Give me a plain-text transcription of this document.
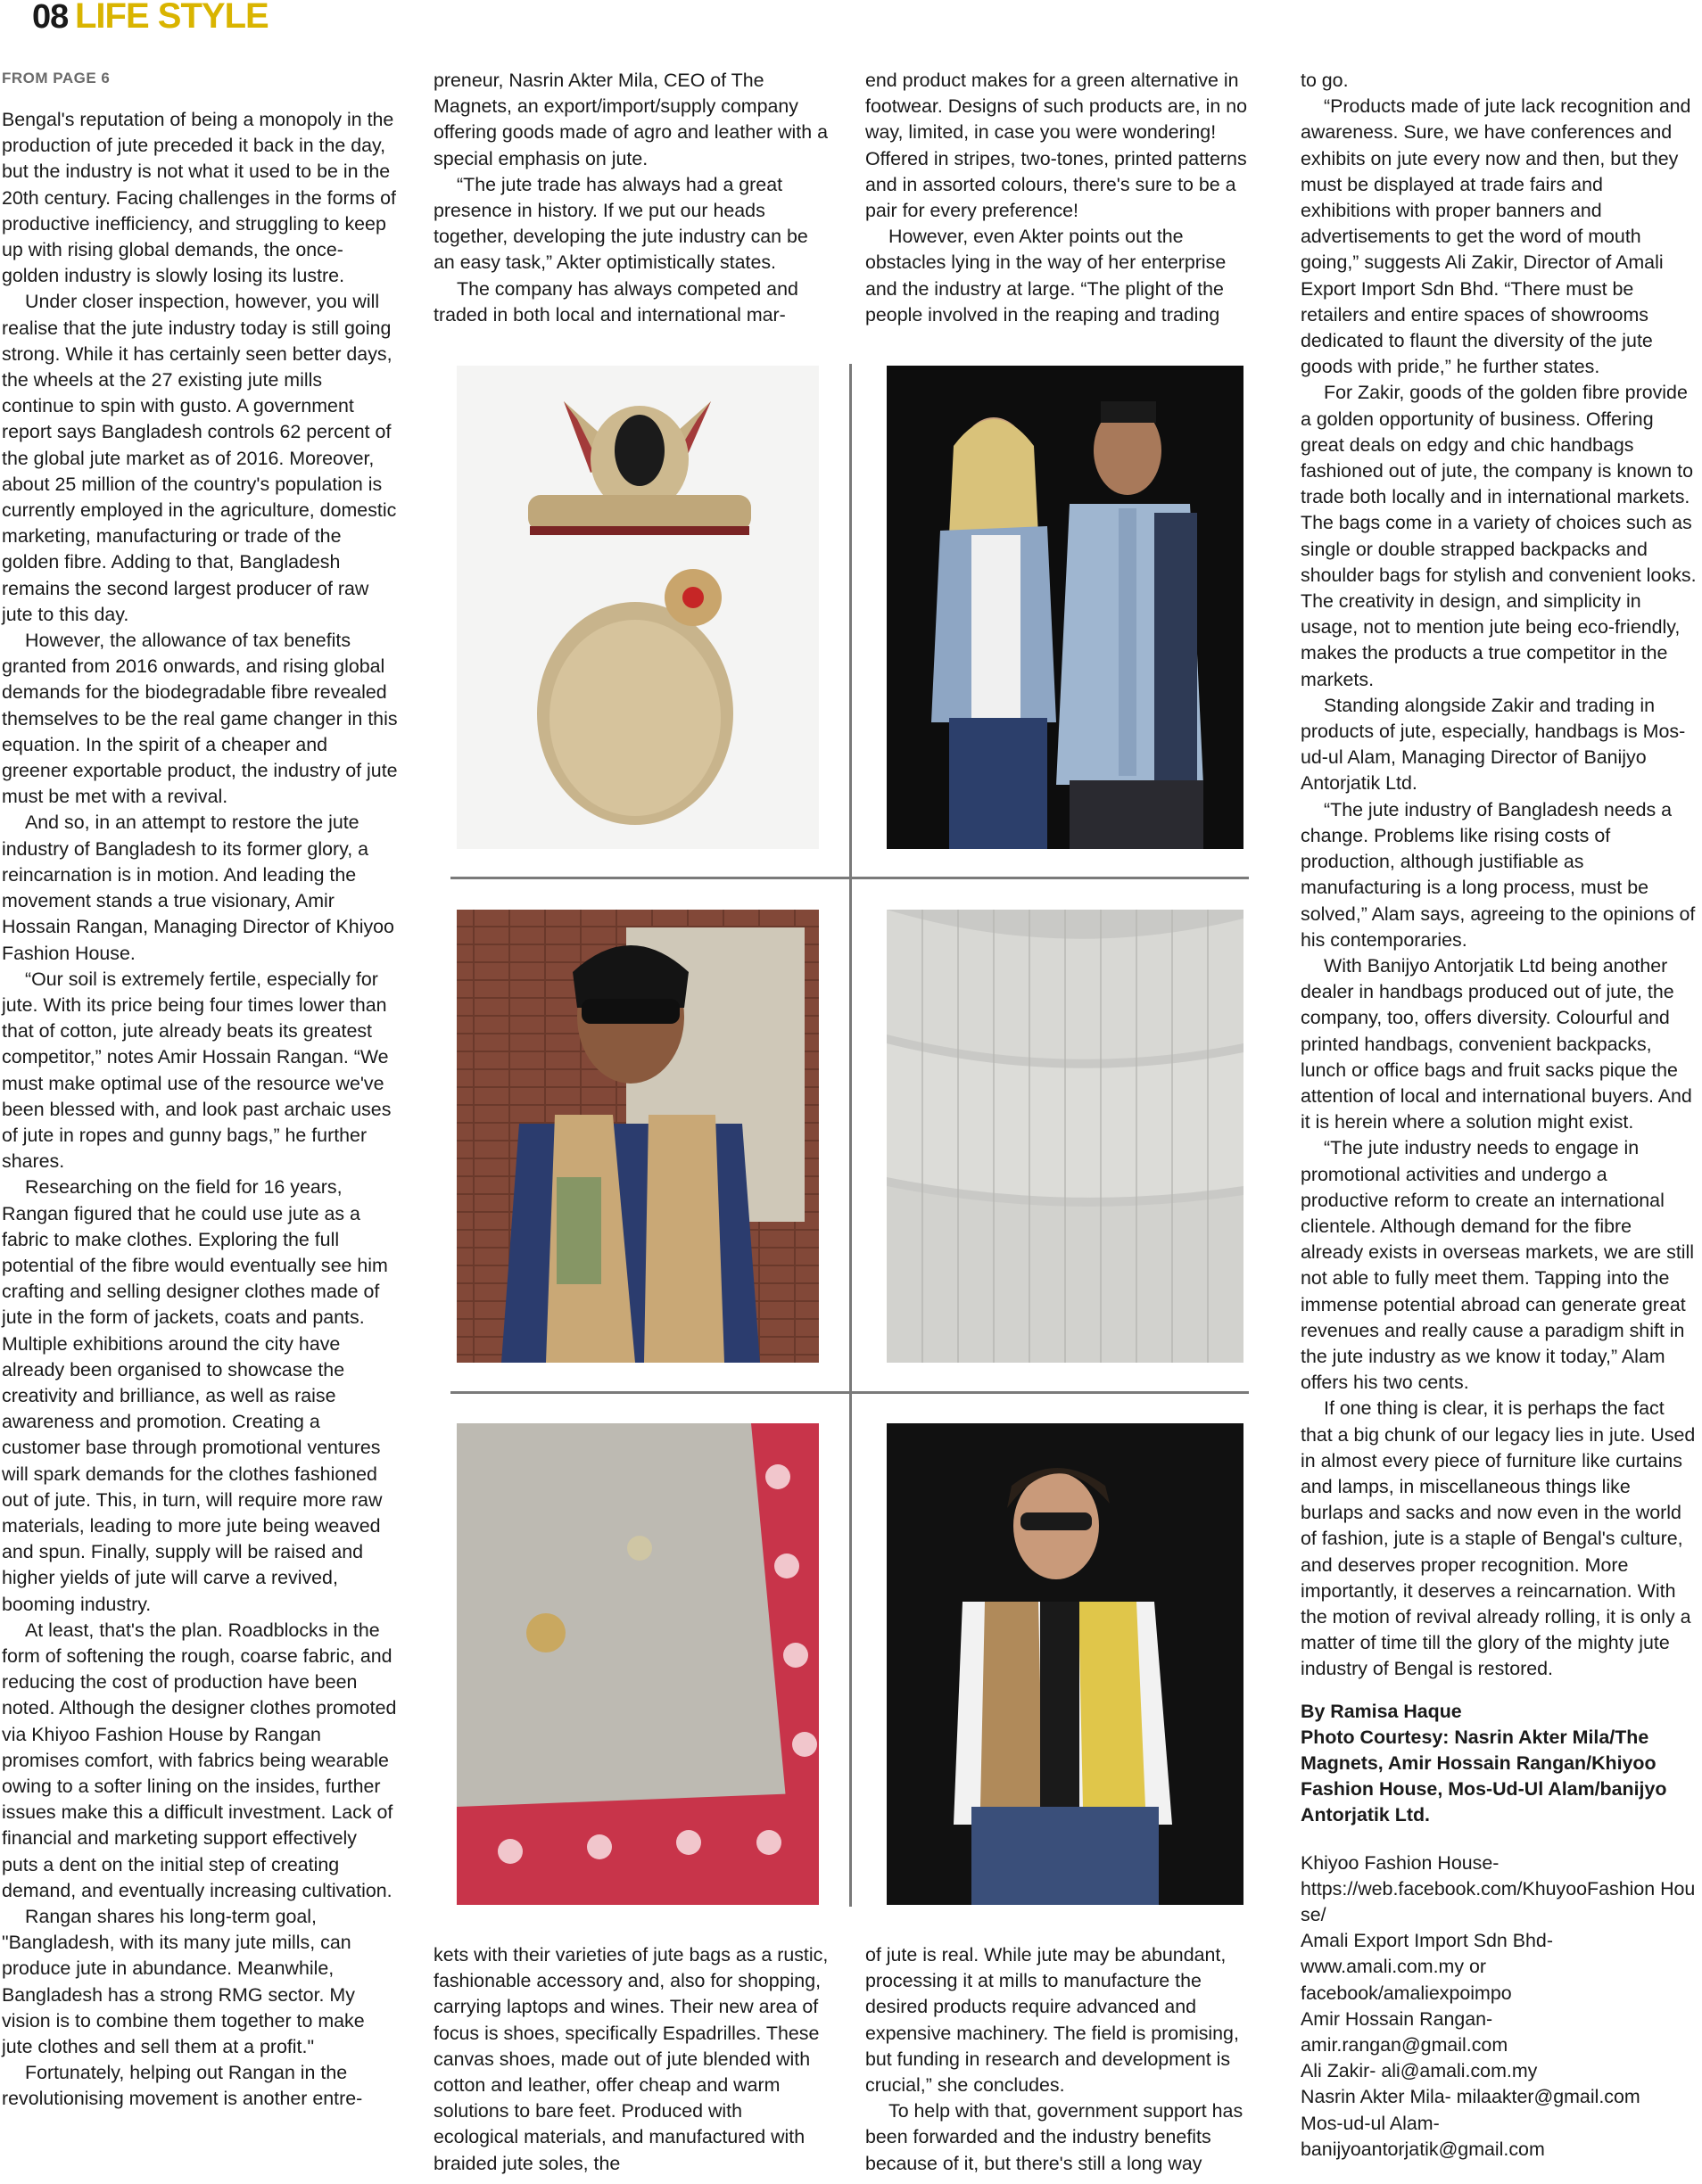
08 LIFE STYLE
FROM PAGE 6

Bengal's reputation of being a monopoly in the production of jute preceded it back in the day, but the industry is not what it used to be in the 20th century. Facing challenges in the forms of productive inefficiency, and struggling to keep up with rising global demands, the once-golden industry is slowly losing its lustre.

Under closer inspection, however, you will realise that the jute industry today is still going strong. While it has certainly seen better days, the wheels at the 27 existing jute mills continue to spin with gusto. A government report says Bangladesh controls 62 percent of the global jute market as of 2016. Moreover, about 25 million of the country's population is currently employed in the agriculture, domestic marketing, manufacturing or trade of the golden fibre. Adding to that, Bangladesh remains the second largest producer of raw jute to this day.

However, the allowance of tax benefits granted from 2016 onwards, and rising global demands for the biodegradable fibre revealed themselves to be the real game changer in this equation. In the spirit of a cheaper and greener exportable product, the industry of jute must be met with a revival.

And so, in an attempt to restore the jute industry of Bangladesh to its former glory, a reincarnation is in motion. And leading the movement stands a true visionary, Amir Hossain Rangan, Managing Director of Khiyoo Fashion House.

“Our soil is extremely fertile, especially for jute. With its price being four times lower than that of cotton, jute already beats its greatest competitor,” notes Amir Hossain Rangan. “We must make optimal use of the resource we've been blessed with, and look past archaic uses of jute in ropes and gunny bags,” he further shares.

Researching on the field for 16 years, Rangan figured that he could use jute as a fabric to make clothes. Exploring the full potential of the fibre would eventually see him crafting and selling designer clothes made of jute in the form of jackets, coats and pants. Multiple exhibitions around the city have already been organised to showcase the creativity and brilliance, as well as raise awareness and promotion. Creating a customer base through promotional ventures will spark demands for the clothes fashioned out of jute. This, in turn, will require more raw materials, leading to more jute being weaved and spun. Finally, supply will be raised and higher yields of jute will carve a revived, booming industry.

At least, that's the plan. Roadblocks in the form of softening the rough, coarse fabric, and reducing the cost of production have been noted. Although the designer clothes promoted via Khiyoo Fashion House by Rangan promises comfort, with fabrics being wearable owing to a softer lining on the insides, further issues make this a difficult investment. Lack of financial and marketing support effectively puts a dent on the initial step of creating demand, and eventually increasing cultivation.

Rangan shares his long-term goal, "Bangladesh, with its many jute mills, can produce jute in abundance. Meanwhile, Bangladesh has a strong RMG sector. My vision is to combine them together to make jute clothes and sell them at a profit."

Fortunately, helping out Rangan in the revolutionising movement is another entre-

preneur, Nasrin Akter Mila, CEO of The Magnets, an export/import/supply company offering goods made of agro and leather with a special emphasis on jute.

“The jute trade has always had a great presence in history. If we put our heads together, developing the jute industry can be an easy task,” Akter optimistically states.

The company has always competed and traded in both local and international mar-

end product makes for a green alternative in footwear. Designs of such products are, in no way, limited, in case you were wondering! Offered in stripes, two-tones, printed patterns and in assorted colours, there's sure to be a pair for every preference!

However, even Akter points out the obstacles lying in the way of her enterprise and the industry at large. “The plight of the people involved in the reaping and trading

to go.

“Products made of jute lack recognition and awareness. Sure, we have conferences and exhibits on jute every now and then, but they must be displayed at trade fairs and exhibitions with proper banners and advertisements to get the word of mouth going,” suggests Ali Zakir, Director of Amali Export Import Sdn Bhd. “There must be retailers and entire spaces of showrooms dedicated to flaunt the diversity of the jute goods with pride,” he further states.

For Zakir, goods of the golden fibre provide a golden opportunity of business. Offering great deals on edgy and chic handbags fashioned out of jute, the company is known to trade both locally and in international markets. The bags come in a variety of choices such as single or double strapped backpacks and shoulder bags for stylish and convenient looks. The creativity in design, and simplicity in usage, not to mention jute being eco-friendly, makes the products a true competitor in the markets.

Standing alongside Zakir and trading in products of jute, especially, handbags is Mos-ud-ul Alam, Managing Director of Banijyo Antorjatik Ltd.

“The jute industry of Bangladesh needs a change. Problems like rising costs of production, although justifiable as manufacturing is a long process, must be solved,” Alam says, agreeing to the opinions of his contemporaries.

With Banijyo Antorjatik Ltd being another dealer in handbags produced out of jute, the company, too, offers diversity. Colourful and printed handbags, convenient backpacks, lunch or office bags and fruit sacks pique the attention of local and international buyers. And it is herein where a solution might exist.

“The jute industry needs to engage in promotional activities and undergo a productive reform to create an international clientele. Although demand for the fibre already exists in overseas markets, we are still not able to fully meet them. Tapping into the immense potential abroad can generate great revenues and really cause a paradigm shift in the jute industry as we know it today,” Alam offers his two cents.

If one thing is clear, it is perhaps the fact that a big chunk of our legacy lies in jute. Used in almost every piece of furniture like curtains and lamps, in miscellaneous things like burlaps and sacks and now even in the world of fashion, jute is a staple of Bengal's culture, and deserves proper recognition. More importantly, it deserves a reincarnation. With the motion of revival already rolling, it is only a matter of time till the glory of the mighty jute industry of Bengal is restored.

By Ramisa Haque
Photo Courtesy: Nasrin Akter Mila/The Magnets, Amir Hossain Rangan/Khiyoo Fashion House, Mos-Ud-Ul Alam/banijyo Antorjatik Ltd.
Khiyoo Fashion House-
https://web.facebook.com/KhuyooFashion House/
Amali Export Import Sdn Bhd-
www.amali.com.my or
facebook/amaliexpoimpo
Amir Hossain Rangan-
amir.rangan@gmail.com
Ali Zakir- ali@amali.com.my
Nasrin Akter Mila- milaakter@gmail.com
Mos-ud-ul Alam-
banijyoantorjatik@gmail.com

kets with their varieties of jute bags as a rustic, fashionable accessory and, also for shopping, carrying laptops and wines. Their new area of focus is shoes, specifically Espadrilles. These canvas shoes, made out of jute blended with cotton and leather, offer cheap and warm solutions to bare feet. Produced with ecological materials, and manufactured with braided jute soles, the

of jute is real. While jute may be abundant, processing it at mills to manufacture the desired products require advanced and expensive machinery. The field is promising, but funding in research and development is crucial,” she concludes.

To help with that, government support has been forwarded and the industry benefits because of it, but there's still a long way
